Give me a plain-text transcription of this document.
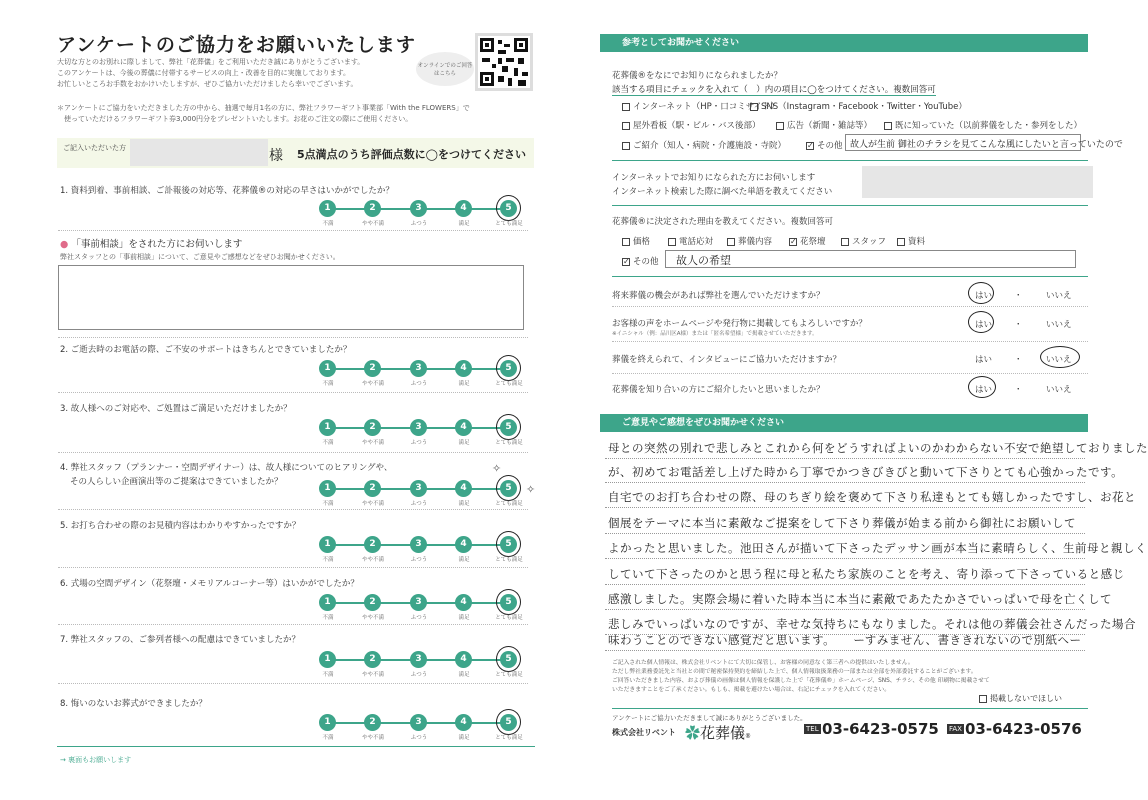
アンケートのご協力をお願いいたします
大切な方とのお別れに際しまして、弊社「花葬儀」をご利用いただき誠にありがとうございます。
このアンケートは、今後の葬儀に付帯するサービスの向上・改善を目的に実施しております。
お忙しいところお手数をおかけいたしますが、ぜひご協力いただけましたら幸いでございます。
オンラインでのご回答はこちら
＊アンケートにご協力をいただきました方の中から、抽選で毎月1名の方に、弊社フラワーギフト事業部「With the FLOWERS」で
　使っていただけるフラワーギフト券3,000円分をプレゼントいたします。お花のご注文の際にご使用ください。
ご記入いただいた方	様 5点満点のうち評価点数に◯をつけてください
1. 資料到着、事前相談、ご訃報後の対応等、花葬儀®の対応の早さはいかがでしたか？
1	2	3	4	5
不満	やや不満	ふつう	満足	とても満足
● 「事前相談」をされた方にお伺いします
弊社スタッフとの「事前相談」について、ご意見やご感想などをぜひお聞かせください。
2. ご逝去時のお電話の際、ご不安のサポートはきちんとできていましたか？
1	2	3	4	5
不満	やや不満	ふつう	満足	とても満足
3. 故人様へのご対応や、ご処置はご満足いただけましたか？
1	2	3	4	5
不満	やや不満	ふつう	満足	とても満足
4. 弊社スタッフ（プランナー・空間デザイナー）は、故人様についてのヒアリングや、
その人らしい企画演出等のご提案はできていましたか？
✧
✧
1	2	3	4	5
不満	やや不満	ふつう	満足	とても満足
5. お打ち合わせの際のお見積内容はわかりやすかったですか？
1	2	3	4	5
不満	やや不満	ふつう	満足	とても満足
6. 式場の空間デザイン（花祭壇・メモリアルコーナー等）はいかがでしたか？
1	2	3	4	5
不満	やや不満	ふつう	満足	とても満足
7. 弊社スタッフの、ご参列者様への配慮はできていましたか？
1	2	3	4	5
不満	やや不満	ふつう	満足	とても満足
8. 悔いのないお葬式ができましたか？
1	2	3	4	5
不満	やや不満	ふつう	満足	とても満足
→ 裏面もお願いします
参考としてお聞かせください
花葬儀®をなにでお知りになられましたか？
該当する項目にチェックを入れて（　）内の項目に◯をつけてください。複数回答可
インターネット（HP・口コミサイト）
SNS（Instagram・Facebook・Twitter・YouTube）
屋外看板（駅・ビル・バス後部）	広告（新聞・雑誌等）	既に知っていた（以前葬儀をした・参列をした）
ご紹介（知人・病院・介護施設・寺院）	✓ その他 故人が生前 御社のチラシを見てこんな風にしたいと言っていたので
インターネットでお知りになられた方にお伺いします
インターネット検索した際に調べた単語を教えてください
花葬儀®に決定された理由を教えてください。複数回答可
価格	電話応対	葬儀内容 ✓ 花祭壇	スタッフ	資料
✓ その他	故人の希望
将来葬儀の機会があれば弊社を選んでいただけますか？	はい	・	いいえ
お客様の声をホームページや発行物に掲載してもよろしいですか？
※イニシャル（例：品川区A様）または「匿名希望様」で掲載させていただきます。
はい	・	いいえ
葬儀を終えられて、インタビューにご協力いただけますか？	はい	・	いいえ
花葬儀を知り合いの方にご紹介したいと思いましたか？	はい	・	いいえ
ご意見やご感想をぜひお聞かせください
母との突然の別れで悲しみとこれから何をどうすればよいのかわからない不安で絶望しておりました
が、初めてお電話差し上げた時から丁寧でかつきびきびと動いて下さりとても心強かったです。
自宅でのお打ち合わせの際、母のちぎり絵を褒めて下さり私達もとても嬉しかったですし、お花と
個展をテーマに本当に素敵なご提案をして下さり葬儀が始まる前から御社にお願いして
よかったと思いました。池田さんが描いて下さったデッサン画が本当に素晴らしく、生前母と親しく
していて下さったのかと思う程に母と私たち家族のことを考え、寄り添って下さっていると感じ
感激しました。実際会場に着いた時本当に本当に素敵であたたかさでいっぱいで母を亡くして
悲しみでいっぱいなのですが、幸せな気持ちにもなりました。それは他の葬儀会社さんだった場合
味わうことのできない感覚だと思います。　　ーすみません、書ききれないので別紙へー
ご記入された個人情報は、株式会社リベントにて大切に保管し、お客様の同意なく第三者への提供はいたしません。
ただし弊社業務委託先と当社との間で秘密保持契約を締結した上で、個人情報取扱業務の一部または全部を外部委託することがございます。
ご回答いただきました内容、および葬儀の画像は個人情報を保護した上で「花葬儀®」ホームページ、SNS、チラシ、その他 印刷物に掲載させて
いただきますことをご了承ください。もしも、掲載を避けたい場合は、右記にチェックを入れてください。
掲載しないでほしい
アンケートにご協力いただきまして誠にありがとうございました。
株式会社リベント ✿花葬儀®
TEL 03-6423-0575 FAX 03-6423-0576
